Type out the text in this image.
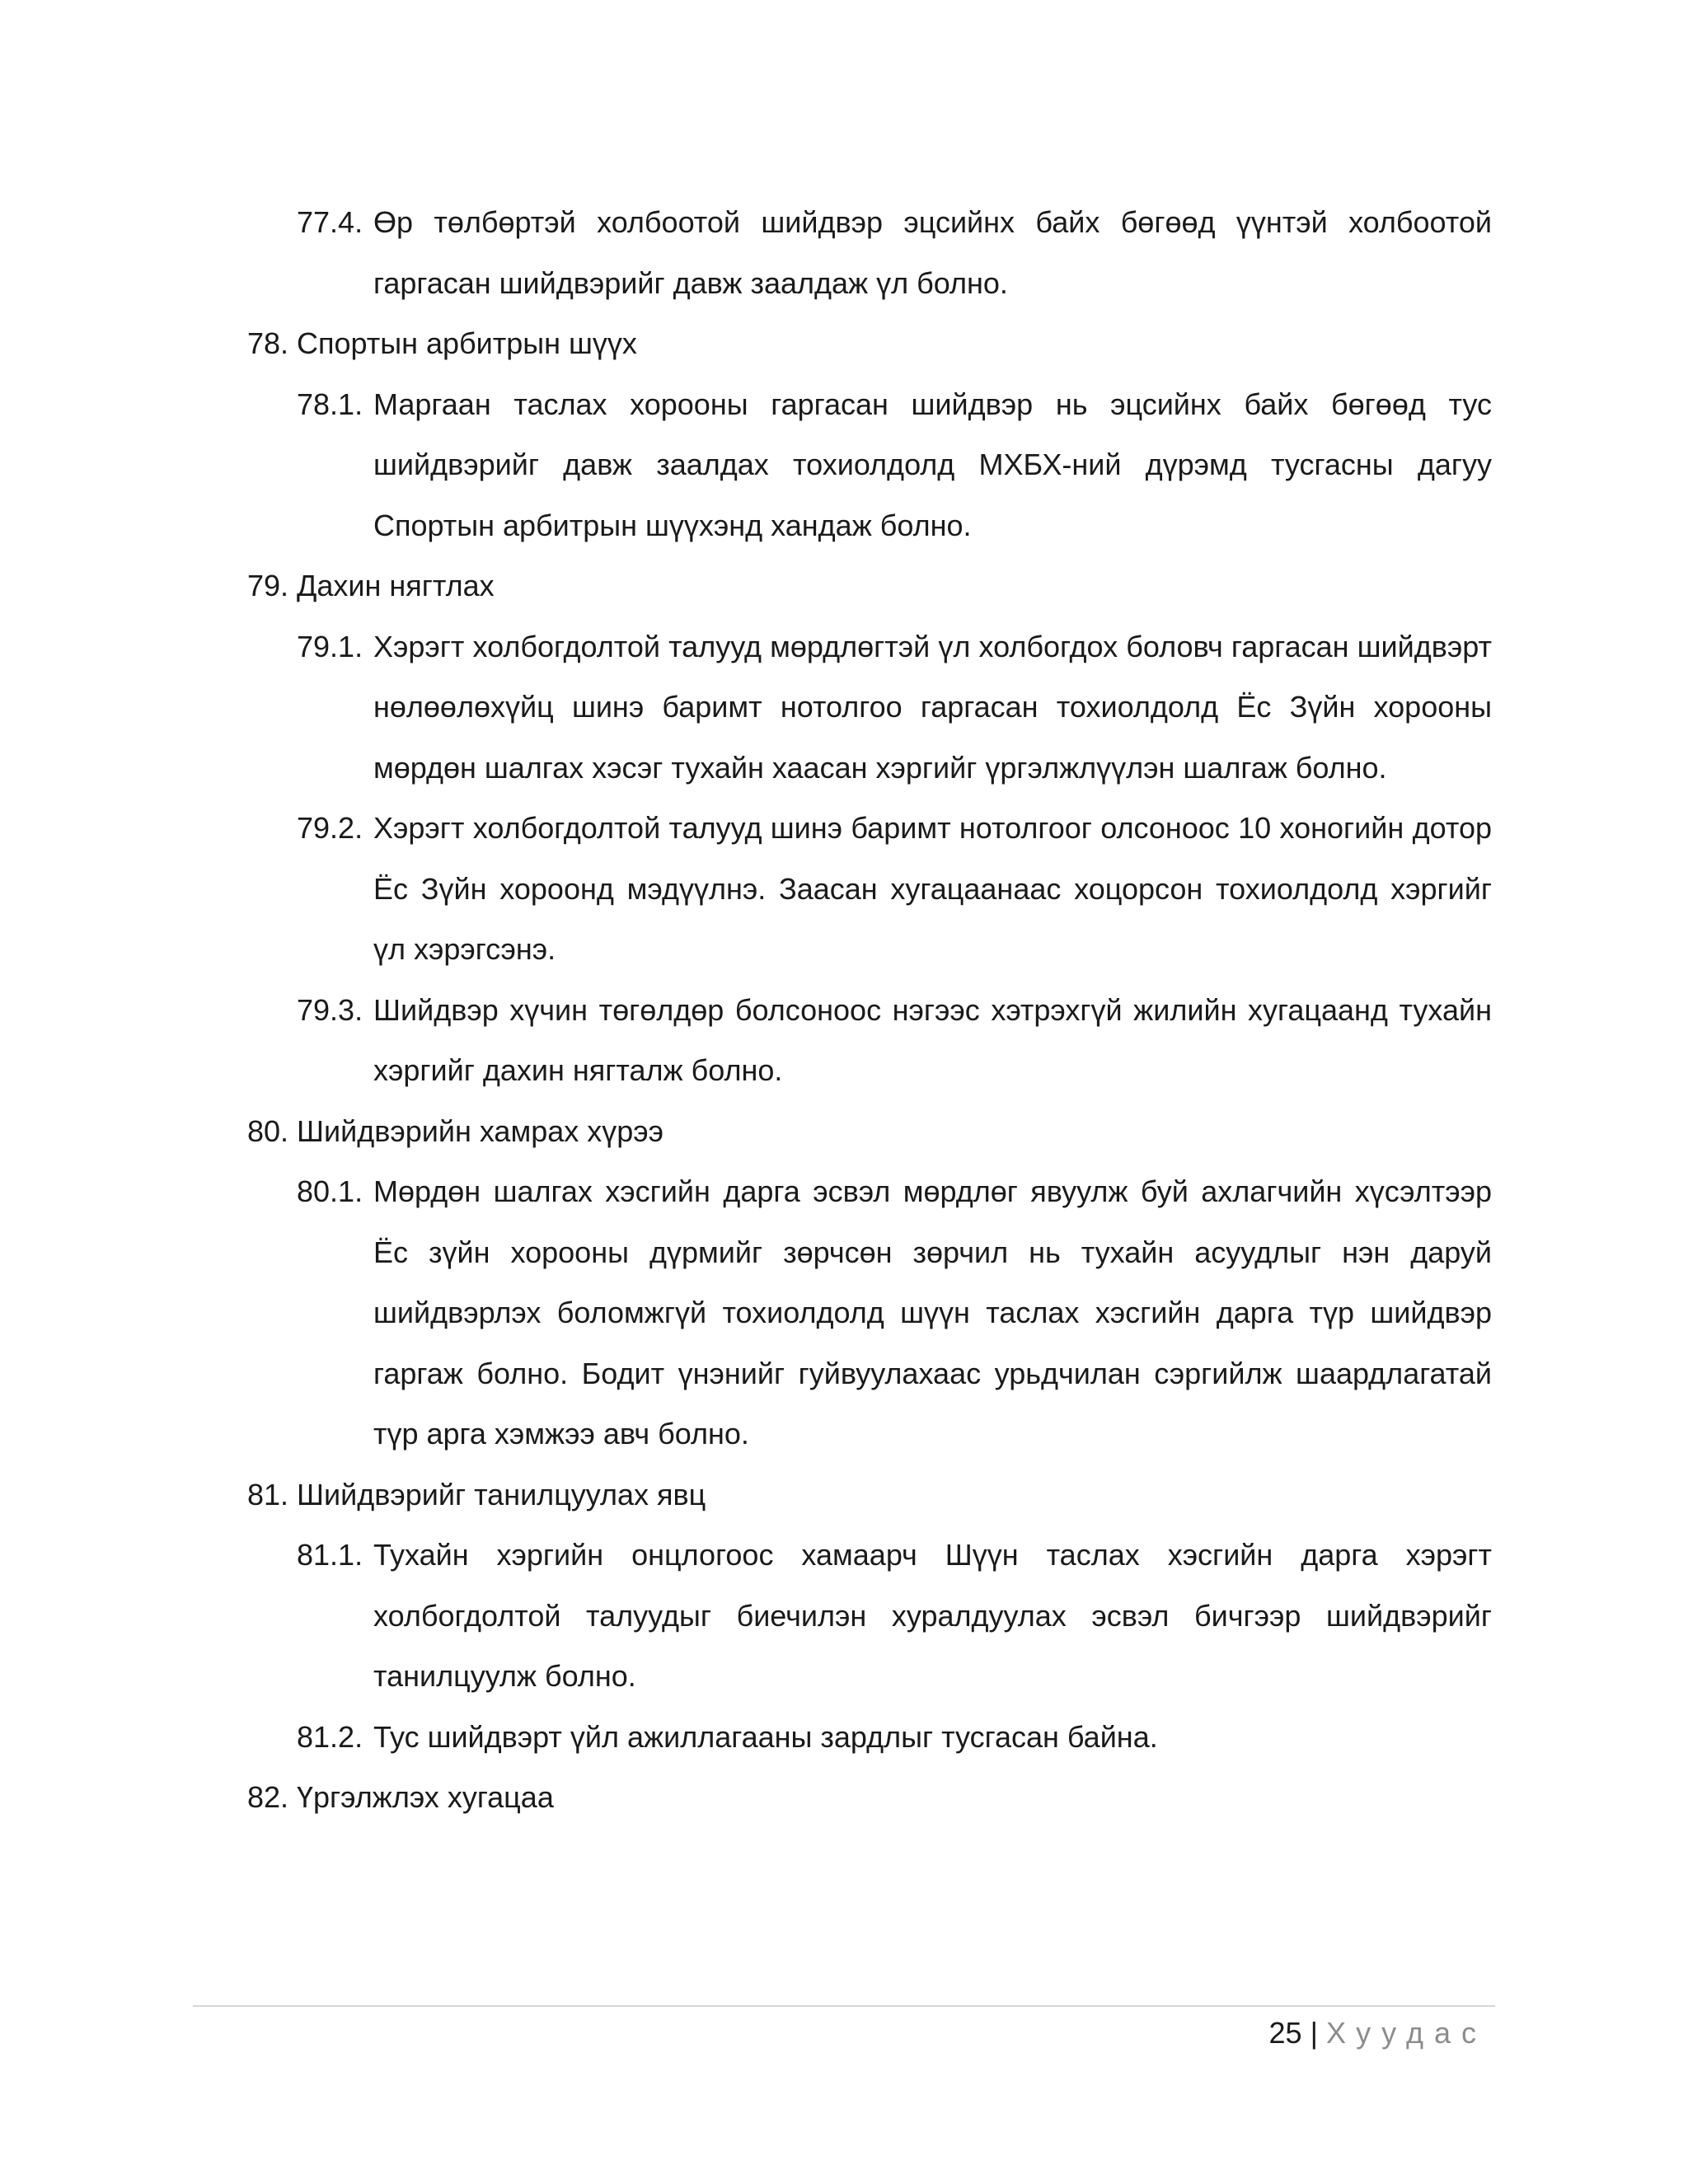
77.4. Өр төлбөртэй холбоотой шийдвэр эцсийнх байх бөгөөд үүнтэй холбоотой гаргасан шийдвэрийг давж заалдаж үл болно.
78. Спортын арбитрын шүүх
78.1. Маргаан таслах хорооны гаргасан шийдвэр нь эцсийнх байх бөгөөд тус шийдвэрийг давж заалдах тохиолдолд МХБХ-ний дүрэмд тусгасны дагуу Спортын арбитрын шүүхэнд хандаж болно.
79. Дахин нягтлах
79.1. Хэрэгт холбогдолтой талууд мөрдлөгтэй үл холбогдох боловч гаргасан шийдвэрт нөлөөлөхүйц шинэ баримт нотолгоо гаргасан тохиолдолд Ёс Зүйн хорооны мөрдөн шалгах хэсэг тухайн хаасан хэргийг үргэлжлүүлэн шалгаж болно.
79.2. Хэрэгт холбогдолтой талууд шинэ баримт нотолгоог олсоноос 10 хоногийн дотор Ёс Зүйн хороонд мэдүүлнэ. Заасан хугацаанаас хоцорсон тохиолдолд хэргийг үл хэрэгсэнэ.
79.3. Шийдвэр хүчин төгөлдөр болсоноос нэгээс хэтрэхгүй жилийн хугацаанд тухайн хэргийг дахин нягталж болно.
80. Шийдвэрийн хамрах хүрээ
80.1. Мөрдөн шалгах хэсгийн дарга эсвэл мөрдлөг явуулж буй ахлагчийн хүсэлтээр Ёс зүйн хорооны дүрмийг зөрчсөн зөрчил нь тухайн асуудлыг нэн даруй шийдвэрлэх боломжгүй тохиолдолд шүүн таслах хэсгийн дарга түр шийдвэр гаргаж болно. Бодит үнэнийг гуйвуулахаас урьдчилан сэргийлж шаардлагатай түр арга хэмжээ авч болно.
81. Шийдвэрийг танилцуулах явц
81.1. Тухайн хэргийн онцлогоос хамаарч Шүүн таслах хэсгийн дарга хэрэгт холбогдолтой талуудыг биечилэн хуралдуулах эсвэл бичгээр шийдвэрийг танилцуулж болно.
81.2. Тус шийдвэрт үйл ажиллагааны зардлыг тусгасан байна.
82. Үргэлжлэх хугацаа
25 | Хуудас
